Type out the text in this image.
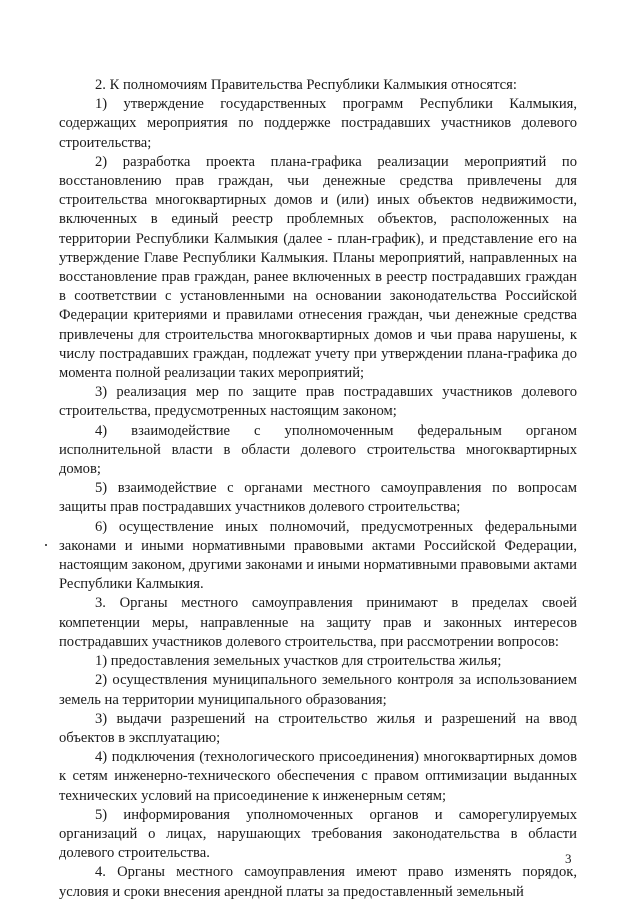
2. К полномочиям Правительства Республики Калмыкия относятся:

1) утверждение государственных программ Республики Калмыкия, содержащих мероприятия по поддержке пострадавших участников долевого строительства;

2) разработка проекта плана-графика реализации мероприятий по восстановлению прав граждан, чьи денежные средства привлечены для строительства многоквартирных домов и (или) иных объектов недвижимости, включенных в единый реестр проблемных объектов, расположенных на территории Республики Калмыкия (далее - план-график), и представление его на утверждение Главе Республики Калмыкия. Планы мероприятий, направленных на восстановление прав граждан, ранее включенных в реестр пострадавших граждан в соответствии с установленными на основании законодательства Российской Федерации критериями и правилами отнесения граждан, чьи денежные средства привлечены для строительства многоквартирных домов и чьи права нарушены, к числу пострадавших граждан, подлежат учету при утверждении плана-графика до момента полной реализации таких мероприятий;

3) реализация мер по защите прав пострадавших участников долевого строительства, предусмотренных настоящим законом;

4) взаимодействие с уполномоченным федеральным органом исполнительной власти в области долевого строительства многоквартирных домов;

5) взаимодействие с органами местного самоуправления по вопросам защиты прав пострадавших участников долевого строительства;

6) осуществление иных полномочий, предусмотренных федеральными законами и иными нормативными правовыми актами Российской Федерации, настоящим законом, другими законами и иными нормативными правовыми актами Республики Калмыкия.

3. Органы местного самоуправления принимают в пределах своей компетенции меры, направленные на защиту прав и законных интересов пострадавших участников долевого строительства, при рассмотрении вопросов:

1) предоставления земельных участков для строительства жилья;

2) осуществления муниципального земельного контроля за использованием земель на территории муниципального образования;

3) выдачи разрешений на строительство жилья и разрешений на ввод объектов в эксплуатацию;

4) подключения (технологического присоединения) многоквартирных домов к сетям инженерно-технического обеспечения с правом оптимизации выданных технических условий на присоединение к инженерным сетям;

5) информирования уполномоченных органов и саморегулируемых организаций о лицах, нарушающих требования законодательства в области долевого строительства.

4. Органы местного самоуправления имеют право изменять порядок, условия и сроки внесения арендной платы за предоставленный земельный

3
